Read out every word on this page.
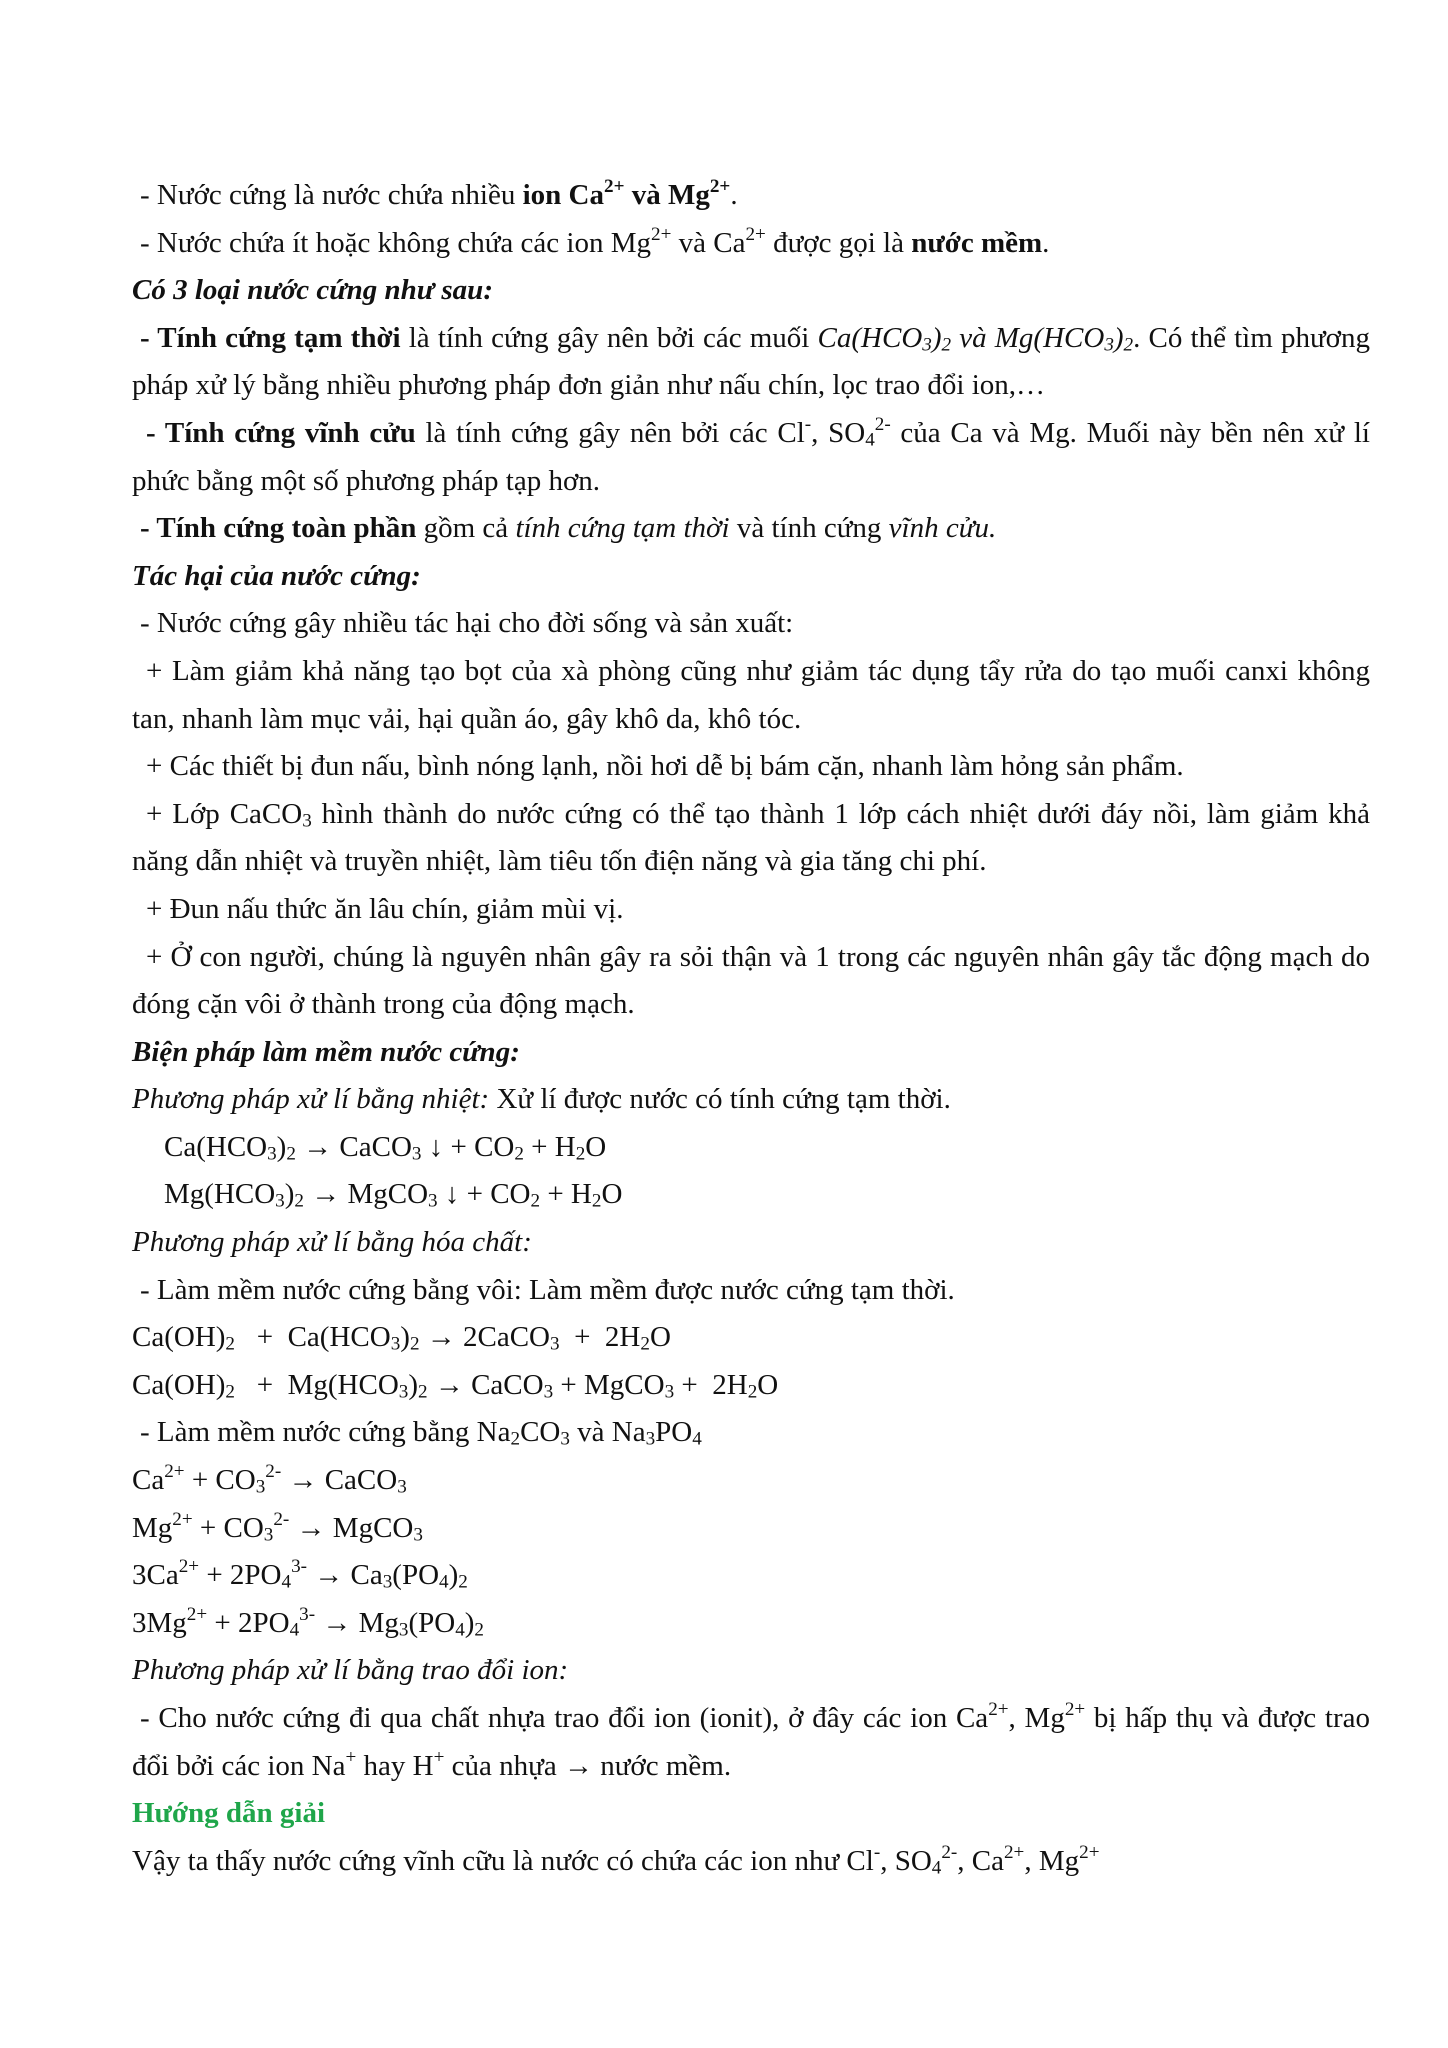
- Nước cứng là nước chứa nhiều ion $Ca^{2+}$ và $Mg^{2+}$.

- Nước chứa ít hoặc không chứa các ion $Mg^{2+}$ và $Ca^{2+}$ được gọi là nước mềm.

Có 3 loại nước cứng như sau:

- Tính cứng tạm thời là tính cứng gây nên bởi các muối $Ca(HCO_3)_2$ và $Mg(HCO_3)_2$. Có thể tìm phương pháp xử lý bằng nhiều phương pháp đơn giản như nấu chín, lọc trao đổi ion,…

- Tính cứng vĩnh cửu là tính cứng gây nên bởi các Cl-, $SO_4^{2-}$ của Ca và Mg. Muối này bền nên xử lí phức bằng một số phương pháp tạp hơn.

- Tính cứng toàn phần gồm cả tính cứng tạm thời và tính cứng vĩnh cửu.

Tác hại của nước cứng:

- Nước cứng gây nhiều tác hại cho đời sống và sản xuất:

+ Làm giảm khả năng tạo bọt của xà phòng cũng như giảm tác dụng tẩy rửa do tạo muối canxi không tan, nhanh làm mục vải, hại quần áo, gây khô da, khô tóc.

+ Các thiết bị đun nấu, bình nóng lạnh, nồi hơi dễ bị bám cặn, nhanh làm hỏng sản phẩm.

+ Lớp CaCO$_3$ hình thành do nước cứng có thể tạo thành 1 lớp cách nhiệt dưới đáy nồi, làm giảm khả năng dẫn nhiệt và truyền nhiệt, làm tiêu tốn điện năng và gia tăng chi phí.

+ Đun nấu thức ăn lâu chín, giảm mùi vị.

+ Ở con người, chúng là nguyên nhân gây ra sỏi thận và 1 trong các nguyên nhân gây tắc động mạch do đóng cặn vôi ở thành trong của động mạch.

Biện pháp làm mềm nước cứng:

Phương pháp xử lí bằng nhiệt: Xử lí được nước có tính cứng tạm thời.

$Ca(HCO_3)_2$ → CaCO$_3$ ↓ + $CO_2 + H_2O$

$Mg(HCO_3)_2$ → MgCO$_3$ ↓ + $CO_2 + H_2O$

Phương pháp xử lí bằng hóa chất:

- Làm mềm nước cứng bằng vôi: Làm mềm được nước cứng tạm thời.

$Ca(OH)_2 + Ca(HCO_3)_2$ → 2CaCO$_3$  +  $2H_2O$

$Ca(OH)_2 + Mg(HCO_3)_2$ → CaCO$_3$ + MgCO$_3$ +  $2H_2O$

- Làm mềm nước cứng bằng $Na_2CO_3$ và $Na_3PO_4$

$Ca^{2+} + CO_3^{2-}$ → CaCO$_3$

$Mg^{2+} + CO_3^{2-}$ → MgCO$_3$

$3Ca^{2+} + 2PO_4^{3-} \to Ca_3(PO_4)_2$

$3Mg^{2+} + 2PO_4^{3-} \to Mg_3(PO_4)_2$

Phương pháp xử lí bằng trao đổi ion:

- Cho nước cứng đi qua chất nhựa trao đổi ion (ionit), ở đây các ion $Ca^{2+}$, $Mg^{2+}$ bị hấp thụ và được trao đổi bởi các ion Na+ hay H+ của nhựa → nước mềm.

Hướng dẫn giải

Vậy ta thấy nước cứng vĩnh cữu là nước có chứa các ion như Cl-, $SO_4^{2-}$, $Ca^{2+}$, $Mg^{2+}$
